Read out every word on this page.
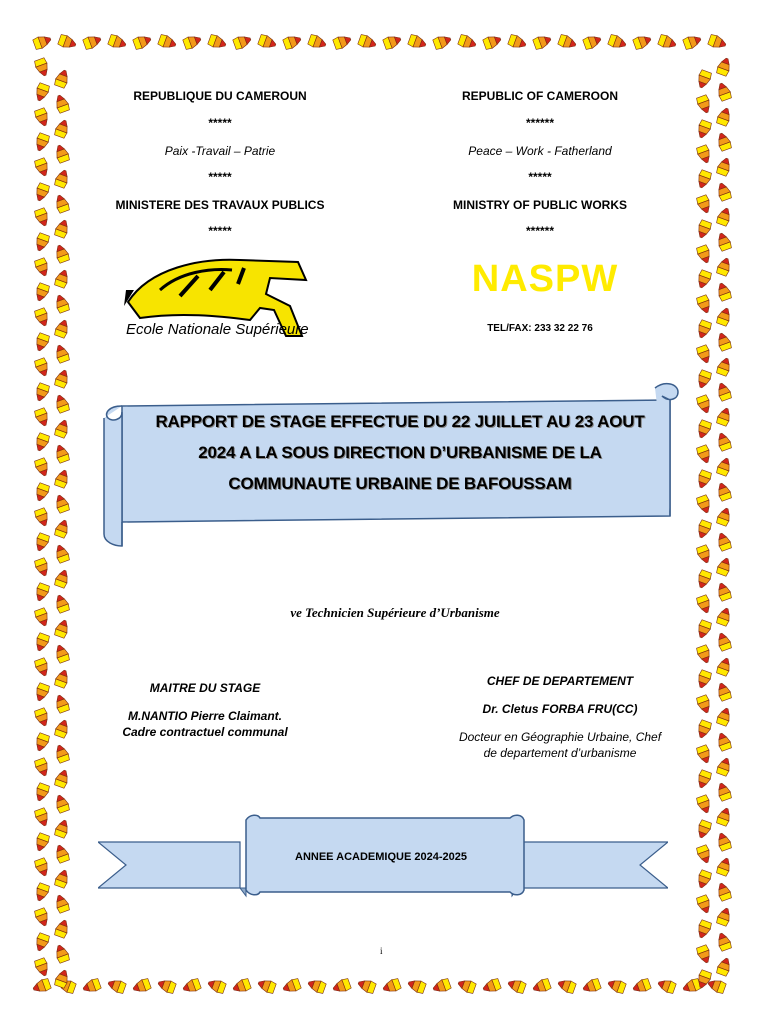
REPUBLIQUE DU CAMEROUN
*****
Paix -Travail – Patrie
*****
MINISTERE DES TRAVAUX PUBLICS
*****
REPUBLIC OF CAMEROON
******
Peace – Work - Fatherland
*****
MINISTRY OF PUBLIC WORKS
******
Ecole Nationale Supérieure
NASPW
TEL/FAX: 233 32 22 76
RAPPORT DE STAGE EFFECTUE DU 22 JUILLET AU 23 AOUT
2024 A LA SOUS DIRECTION D’URBANISME DE LA
COMMUNAUTE URBAINE DE BAFOUSSAM
ve Technicien Supérieure d’Urbanisme
MAITRE DU STAGE
M.NANTIO Pierre Claimant.
Cadre contractuel communal
CHEF DE DEPARTEMENT
Dr. Cletus FORBA FRU(CC)
Docteur en Géographie Urbaine, Chef
de departement d’urbanisme
ANNEE ACADEMIQUE 2024-2025
i
